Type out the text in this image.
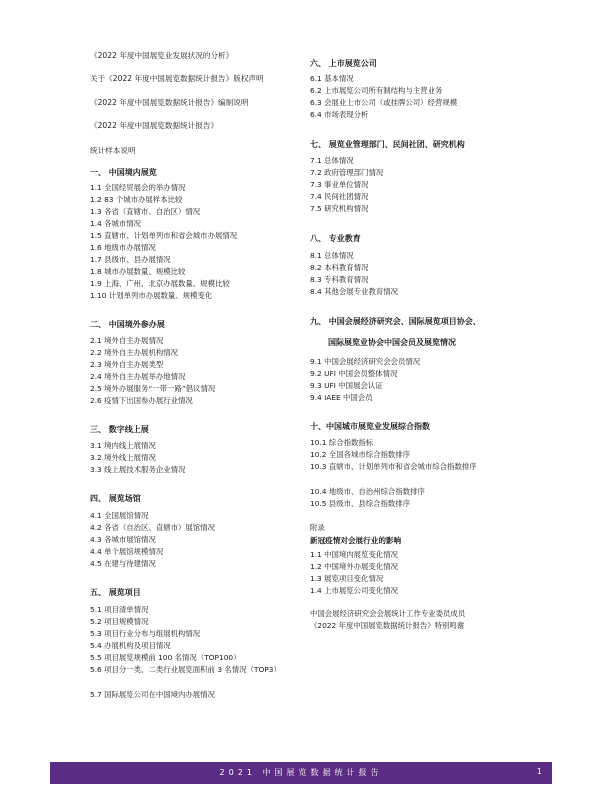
《2022 年度中国展览业发展状况的分析》
关于《2022 年度中国展览数据统计报告》版权声明
《2022 年度中国展览数据统计报告》编制说明
《2022 年度中国展览数据统计报告》
统计样本说明
一、 中国境内展览
1.1 全国经贸展会的举办情况
1.2 83 个城市办展样本比较
1.3 各省（直辖市、自治区）情况
1.4 各城市情况
1.5 直辖市、计划单列市和省会城市办展情况
1.6 地级市办展情况
1.7 县级市、县办展情况
1.8 城市办展数量、规模比较
1.9 上海、广州、北京办展数量、规模比较
1.10 计划单列市办展数量、规模变化
二、 中国境外参办展
2.1 境外自主办展情况
2.2 境外自主办展机构情况
2.3 境外自主办展类型
2.4 境外自主办展举办地情况
2.5 境外办展服务“一带一路”倡议情况
2.6 疫情下出国参办展行业情况
三、 数字线上展
3.1 境内线上展情况
3.2 境外线上展情况
3.3 线上展技术服务企业情况
四、 展览场馆
4.1 全国展馆情况
4.2 各省（自治区、直辖市）展馆情况
4.3 各城市展馆情况
4.4 单个展馆规模情况
4.5 在建与待建情况
五、 展览项目
5.1 项目清单情况
5.2 项目规模情况
5.3 项目行业分布与组展机构情况
5.4 办展机构及项目情况
5.5 项目展览规模前 100 名情况（TOP100）
5.6 项目分一类、二类行业展览面积前 3 名情况（TOP3）
5.7 国际展览公司在中国境内办展情况
六、 上市展览公司
6.1 基本情况
6.2 上市展览公司所有制结构与主营业务
6.3 会展业上市公司（或挂牌公司）经营规模
6.4 市场表现分析
七、 展览业管理部门、民间社团、研究机构
7.1 总体情况
7.2 政府管理部门情况
7.3 事业单位情况
7.4 民间社团情况
7.5 研究机构情况
八、 专业教育
8.1 总体情况
8.2 本科教育情况
8.3 专科教育情况
8.4 其他会展专业教育情况
九、 中国会展经济研究会、国际展览项目协会、
国际展览业协会中国会员及展览情况
9.1 中国会展经济研究会会员情况
9.2 UFI 中国会员整体情况
9.3 UFI 中国展会认证
9.4 IAEE 中国会员
十、中国城市展览业发展综合指数
10.1 综合指数指标
10.2 全国各城市综合指数排序
10.3 直辖市、计划单列市和省会城市综合指数排序
10.4 地级市、自治州综合指数排序
10.5 县级市、县综合指数排序
附录
新冠疫情对会展行业的影响
1.1 中国境内展览变化情况
1.2 中国境外办展变化情况
1.3 展览项目变化情况
1.4 上市展览公司变化情况
中国会展经济研究会会展统计工作专业委员成员
《2022 年度中国展览数据统计报告》特别鸣谢
2021 中国展览数据统计报告	1
